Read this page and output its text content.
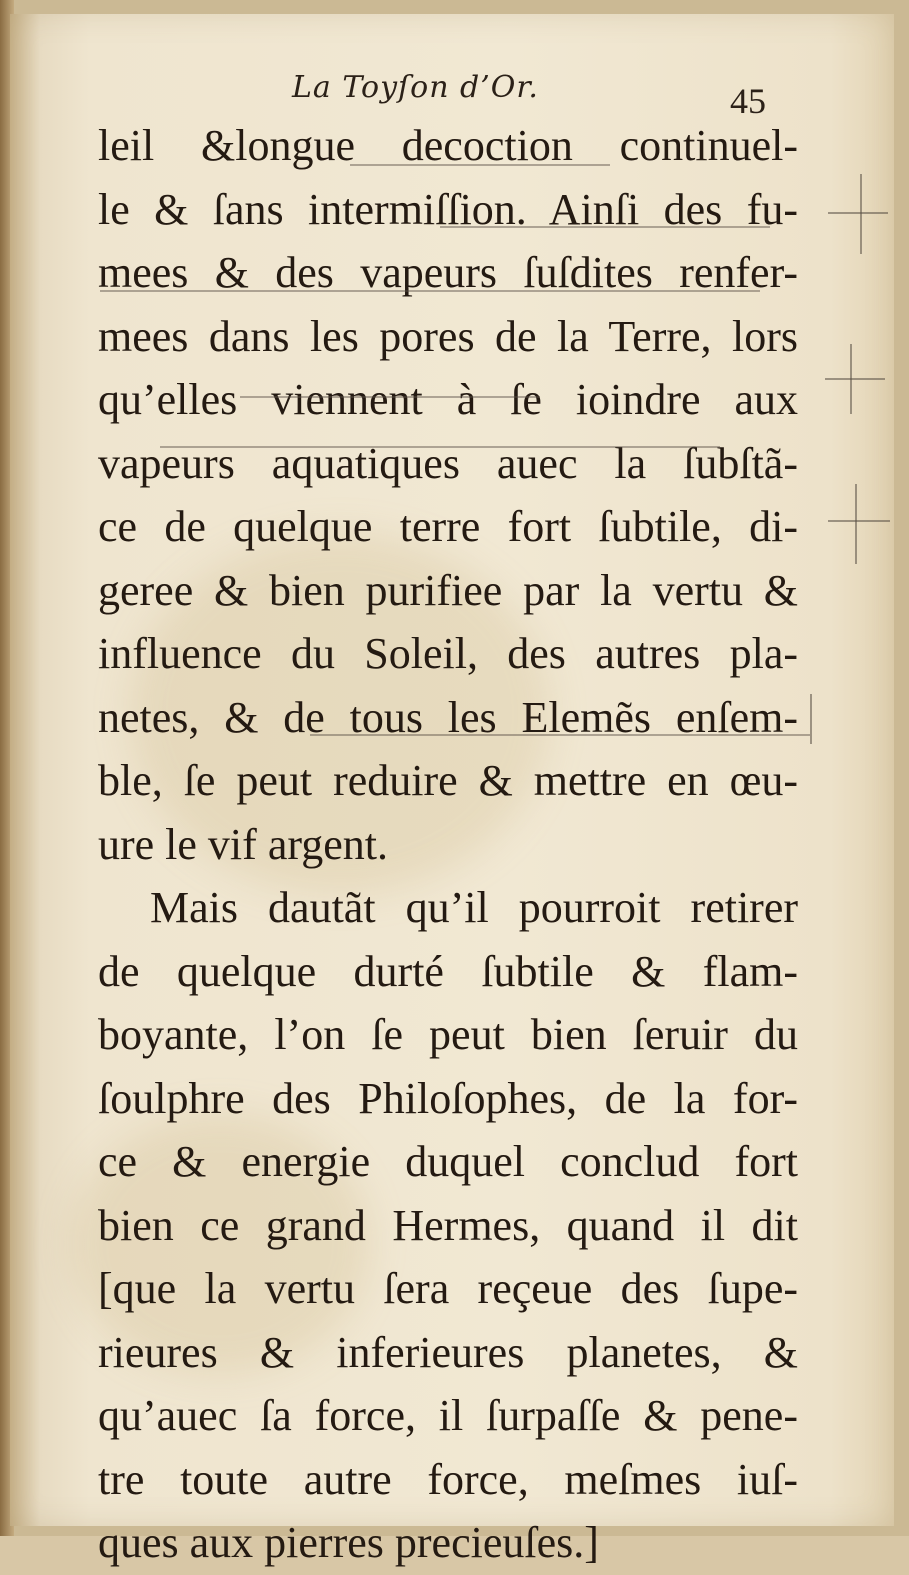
La Toyſon d’Or.	45
leil &longue decoction continuel-
le & ſans intermiſſion. Ainſi des fu-
mees & des vapeurs ſuſdites renfer-
mees dans les pores de la Terre, lors
qu’elles viennent à ſe ioindre aux
vapeurs aquatiques auec la ſubſtã-
ce de quelque terre fort ſubtile, di-
geree & bien purifiee par la vertu &
influence du Soleil, des autres pla-
netes, & de tous les Elemẽs enſem-
ble, ſe peut reduire & mettre en œu-
ure le vif argent.
Mais dautãt qu’il pourroit retirer
de quelque durté ſubtile & flam-
boyante, l’on ſe peut bien ſeruir du
ſoulphre des Philoſophes, de la for-
ce & energie duquel conclud fort
bien ce grand Hermes, quand il dit
[que la vertu ſera reçeue des ſupe-
rieures & inferieures planetes, &
qu’auec ſa force, il ſurpaſſe & pene-
tre toute autre force, meſmes iuſ-
ques aux pierres precieuſes.]
